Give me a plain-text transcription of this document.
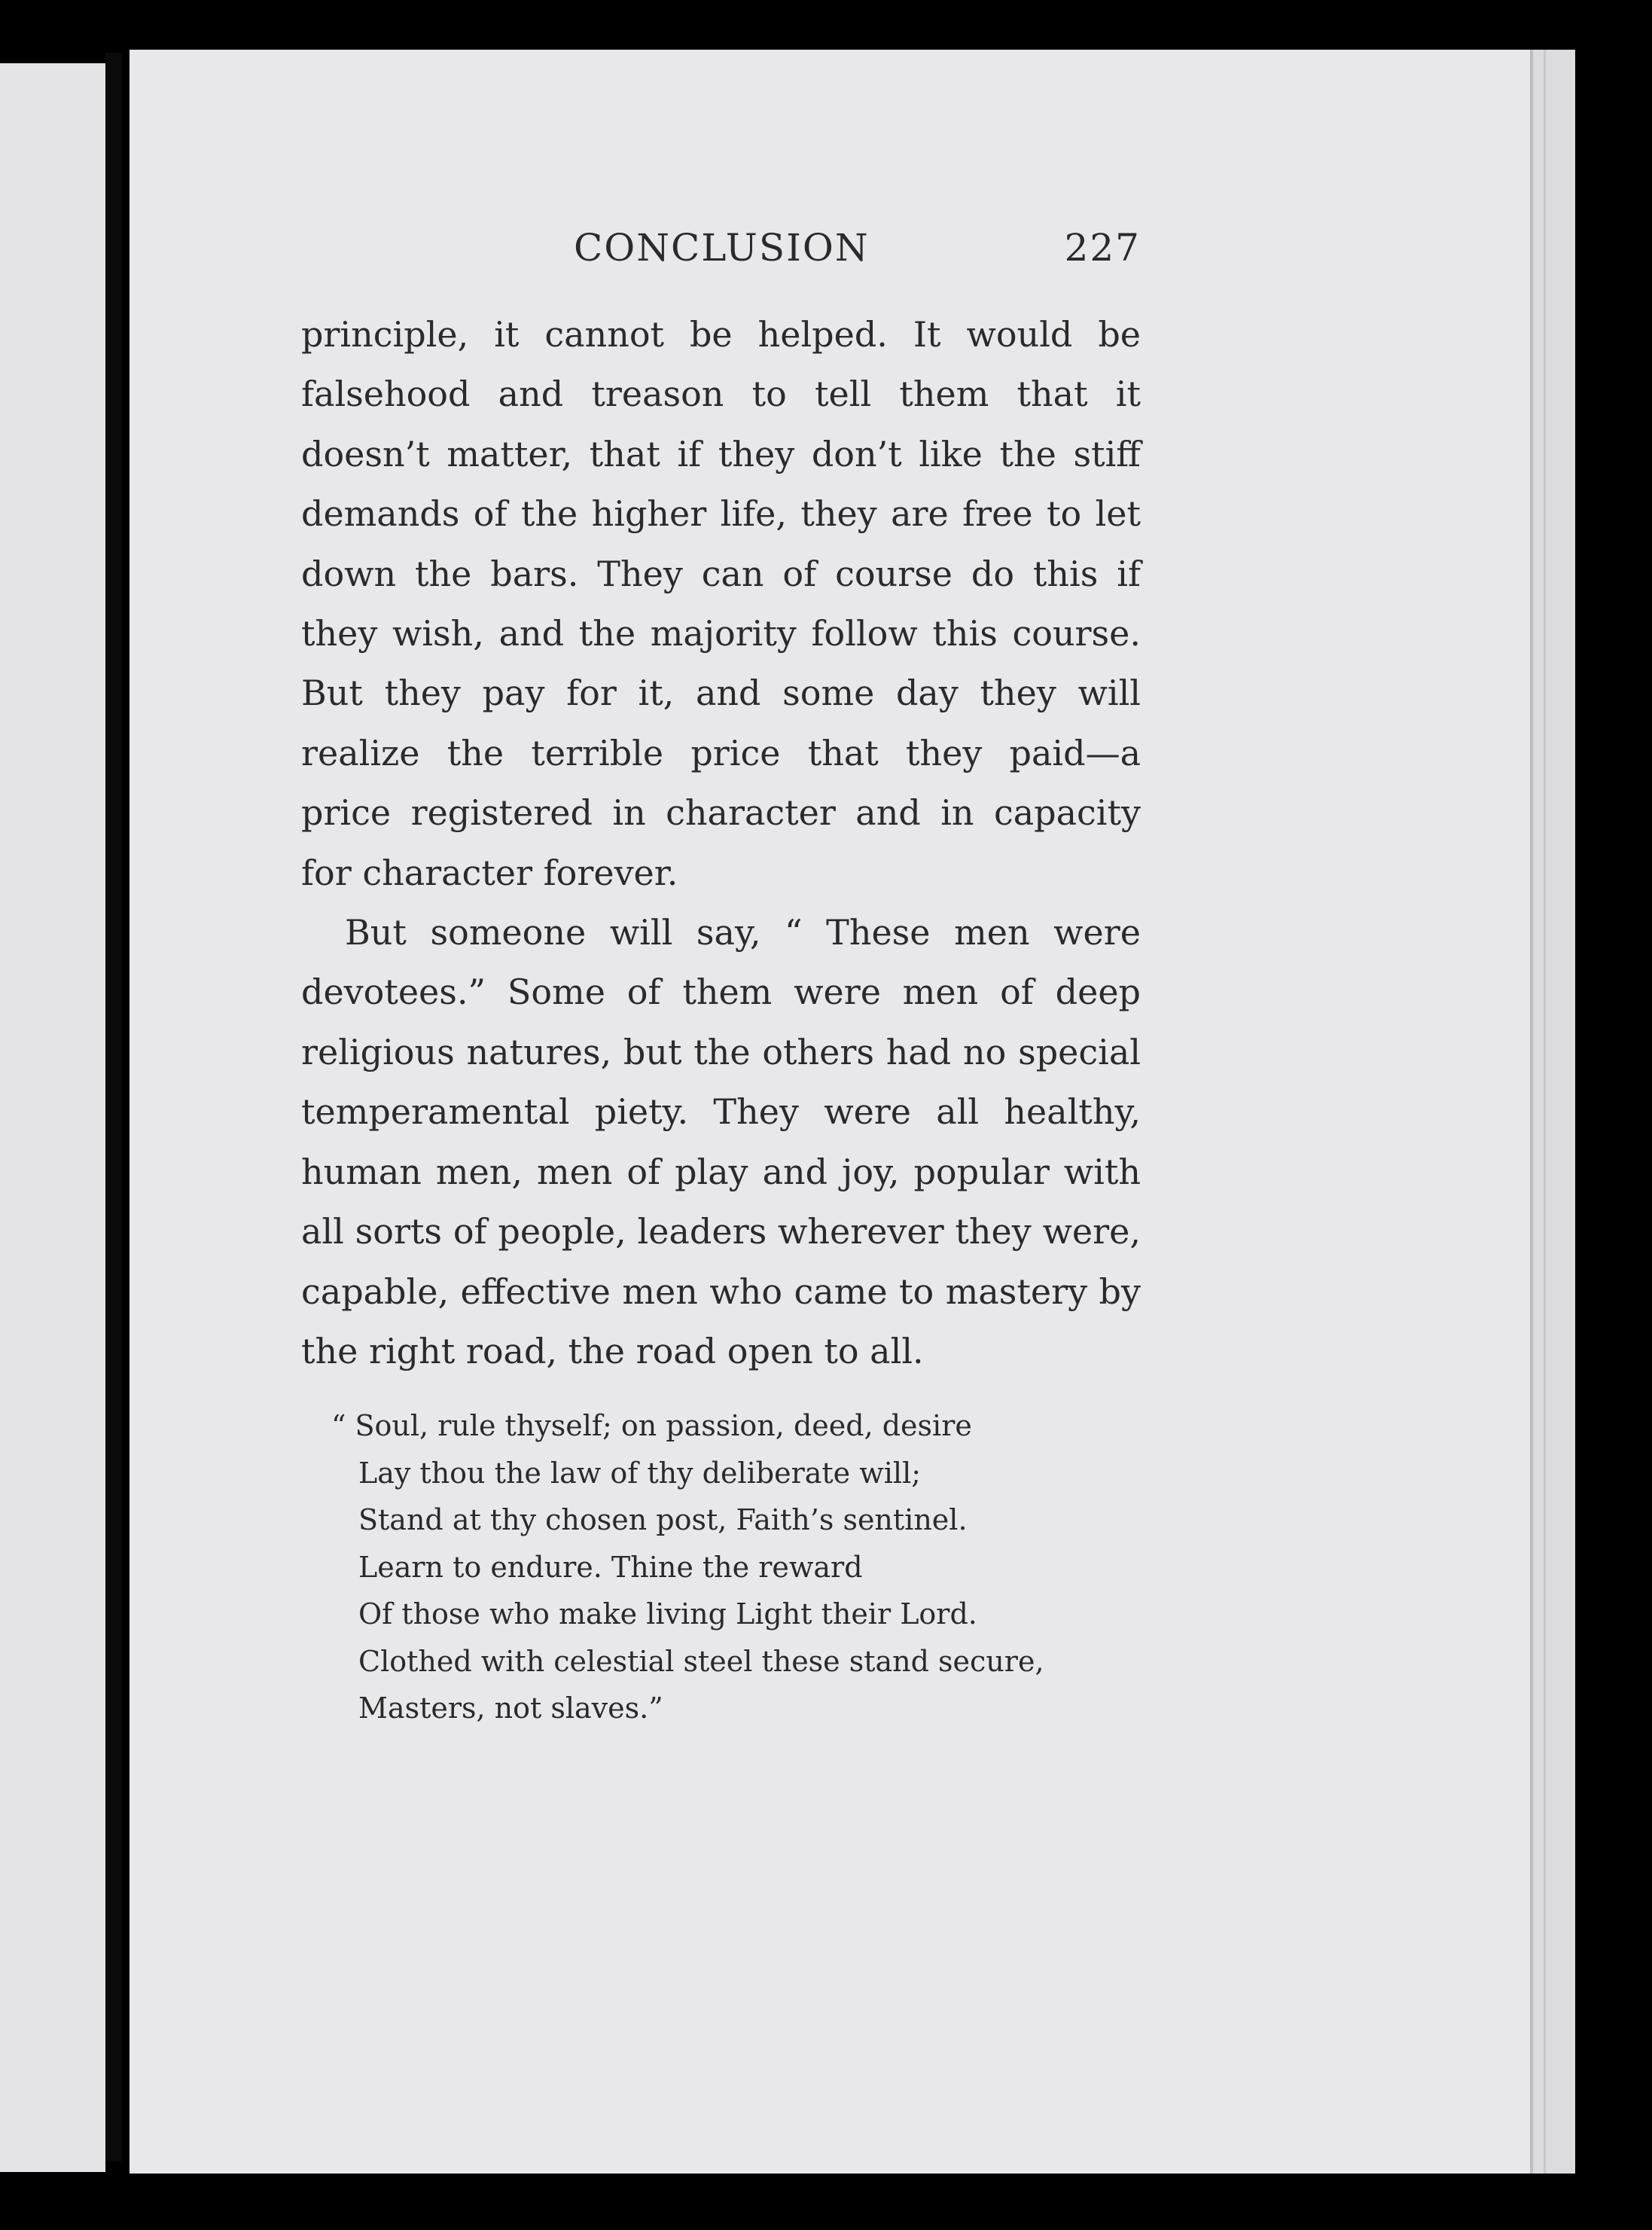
CONCLUSION	227

principle, it cannot be helped. It would be falsehood and treason to tell them that it doesn’t matter, that if they don’t like the stiff demands of the higher life, they are free to let down the bars. They can of course do this if they wish, and the majority follow this course. But they pay for it, and some day they will realize the terrible price that they paid—a price registered in character and in capacity for character forever.

But someone will say, “ These men were devotees.” Some of them were men of deep religious natures, but the others had no special temperamental piety. They were all healthy, human men, men of play and joy, popular with all sorts of people, leaders wherever they were, capable, effective men who came to mastery by the right road, the road open to all.

“ Soul, rule thyself; on passion, deed, desire
Lay thou the law of thy deliberate will;
Stand at thy chosen post, Faith’s sentinel.
Learn to endure. Thine the reward
Of those who make living Light their Lord.
Clothed with celestial steel these stand secure,
Masters, not slaves.”
